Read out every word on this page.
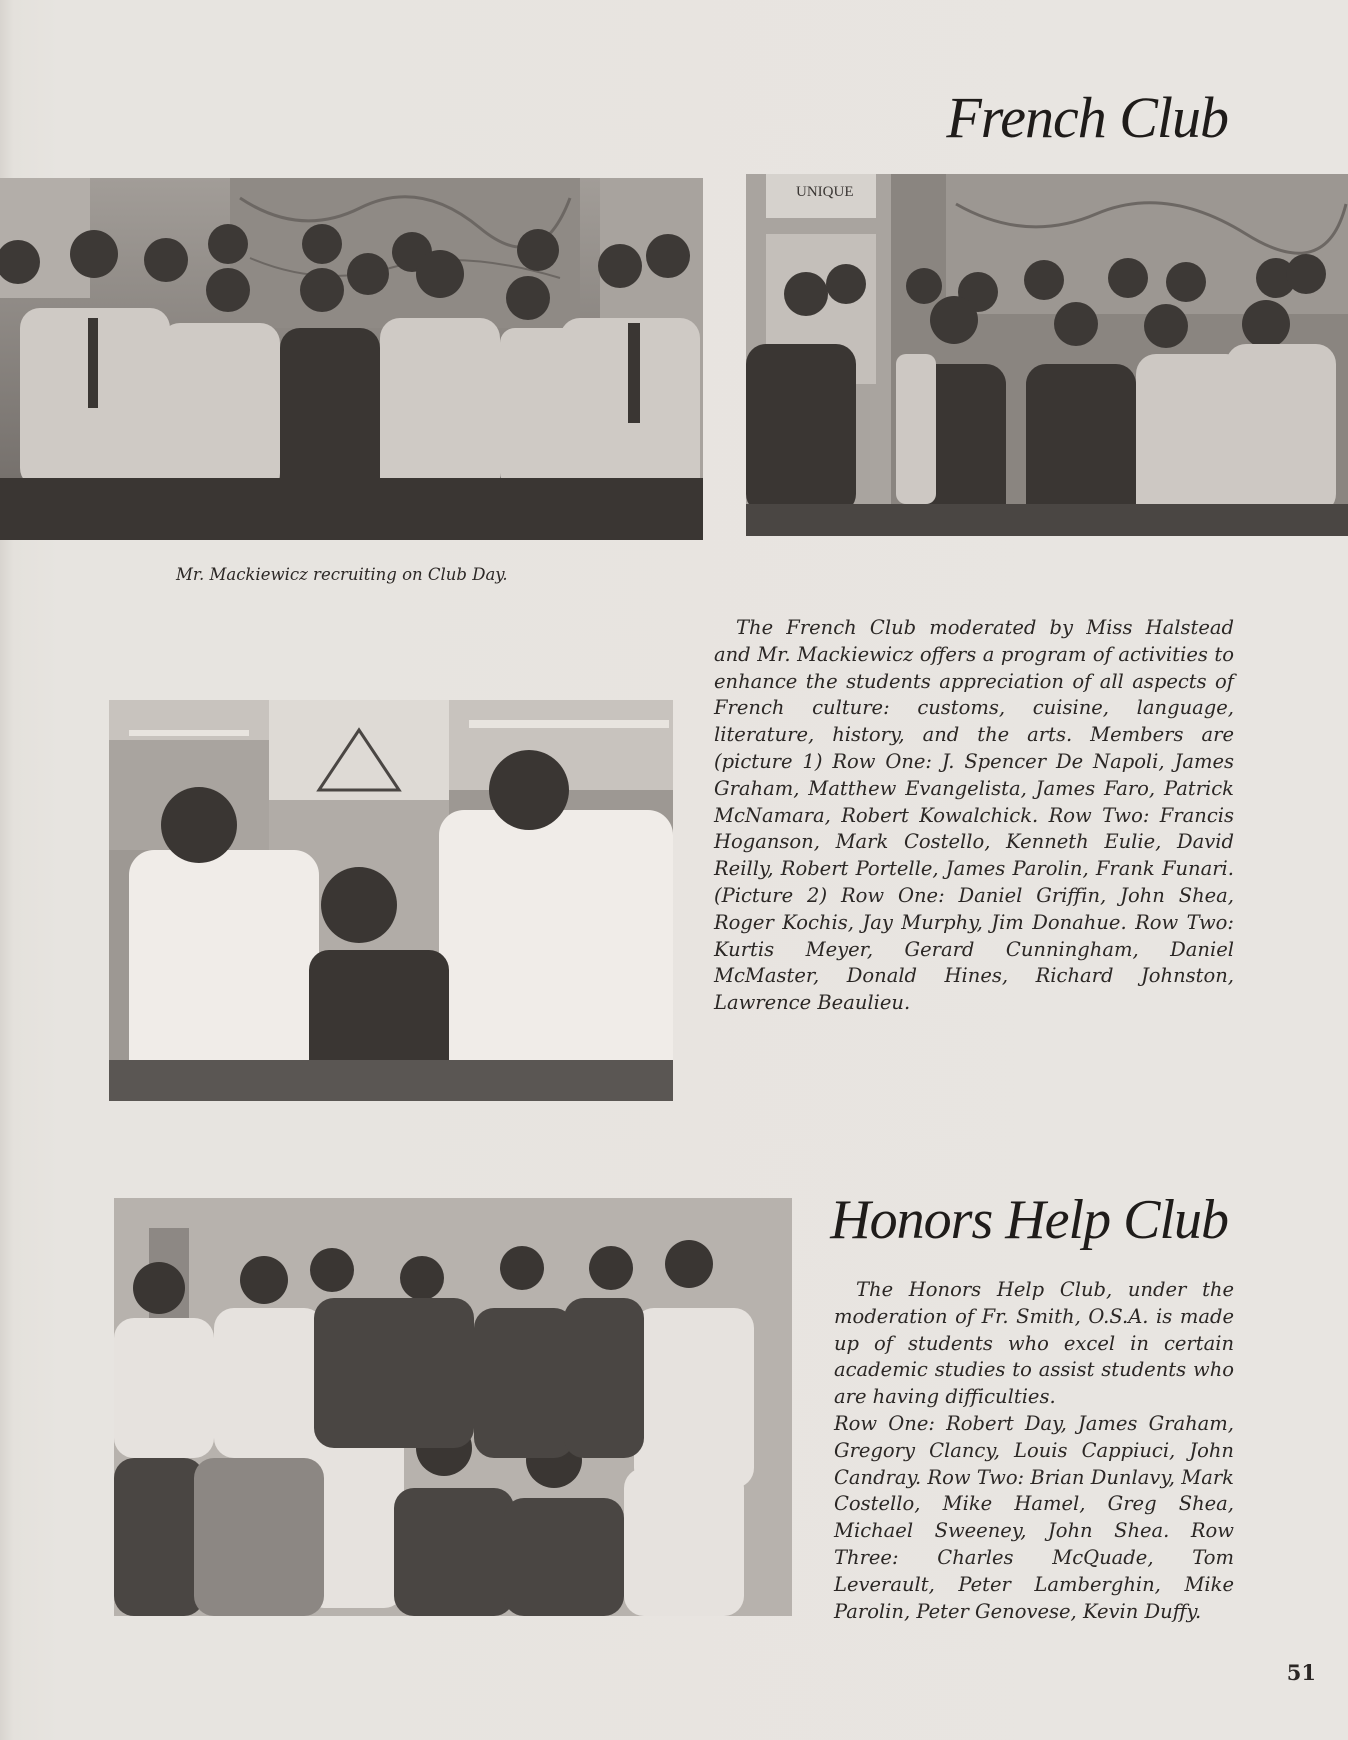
French Club
UNIQUE
Mr. Mackiewicz recruiting on Club Day.

The French Club moderated by Miss Halstead and Mr. Mackiewicz offers a program of activities to enhance the students appreciation of all aspects of French culture: customs, cuisine, language, literature, history, and the arts. Members are (picture 1) Row One: J. Spencer De Napoli, James Graham, Matthew Evangelista, James Faro, Patrick McNamara, Robert Kowalchick. Row Two: Francis Hoganson, Mark Costello, Kenneth Eulie, David Reilly, Robert Portelle, James Parolin, Frank Funari. (Picture 2) Row One: Daniel Griffin, John Shea, Roger Kochis, Jay Murphy, Jim Donahue. Row Two: Kurtis Meyer, Gerard Cunningham, Daniel McMaster, Donald Hines, Richard Johnston, Lawrence Beaulieu.

Honors Help Club

The Honors Help Club, under the moderation of Fr. Smith, O.S.A. is made up of students who excel in certain academic studies to assist students who are having difficulties.
Row One: Robert Day, James Graham, Gregory Clancy, Louis Cappiuci, John Candray. Row Two: Brian Dunlavy, Mark Costello, Mike Hamel, Greg Shea, Michael Sweeney, John Shea. Row Three: Charles McQuade, Tom Leverault, Peter Lamberghin, Mike Parolin, Peter Genovese, Kevin Duffy.

51
